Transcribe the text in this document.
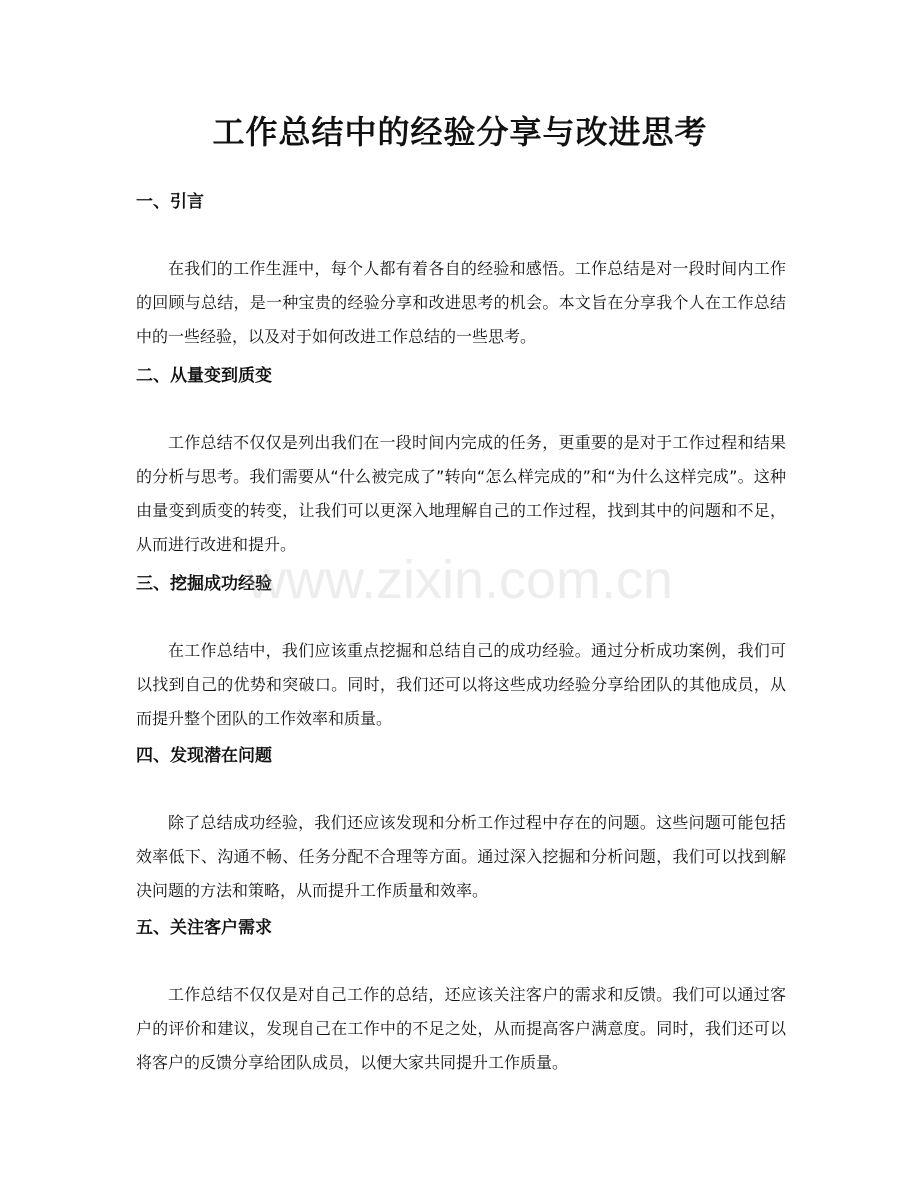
工作总结中的经验分享与改进思考
一、引言

在我们的工作生涯中，每个人都有着各自的经验和感悟。工作总结是对一段时间内工作的回顾与总结，是一种宝贵的经验分享和改进思考的机会。本文旨在分享我个人在工作总结中的一些经验，以及对于如何改进工作总结的一些思考。

二、从量变到质变

工作总结不仅仅是列出我们在一段时间内完成的任务，更重要的是对于工作过程和结果的分析与思考。我们需要从“什么被完成了”转向“怎么样完成的”和“为什么这样完成”。这种由量变到质变的转变，让我们可以更深入地理解自己的工作过程，找到其中的问题和不足，从而进行改进和提升。

三、挖掘成功经验

在工作总结中，我们应该重点挖掘和总结自己的成功经验。通过分析成功案例，我们可以找到自己的优势和突破口。同时，我们还可以将这些成功经验分享给团队的其他成员，从而提升整个团队的工作效率和质量。

四、发现潜在问题

除了总结成功经验，我们还应该发现和分析工作过程中存在的问题。这些问题可能包括效率低下、沟通不畅、任务分配不合理等方面。通过深入挖掘和分析问题，我们可以找到解决问题的方法和策略，从而提升工作质量和效率。

五、关注客户需求

工作总结不仅仅是对自己工作的总结，还应该关注客户的需求和反馈。我们可以通过客户的评价和建议，发现自己在工作中的不足之处，从而提高客户满意度。同时，我们还可以将客户的反馈分享给团队成员，以便大家共同提升工作质量。

www.zixin.com.cn
